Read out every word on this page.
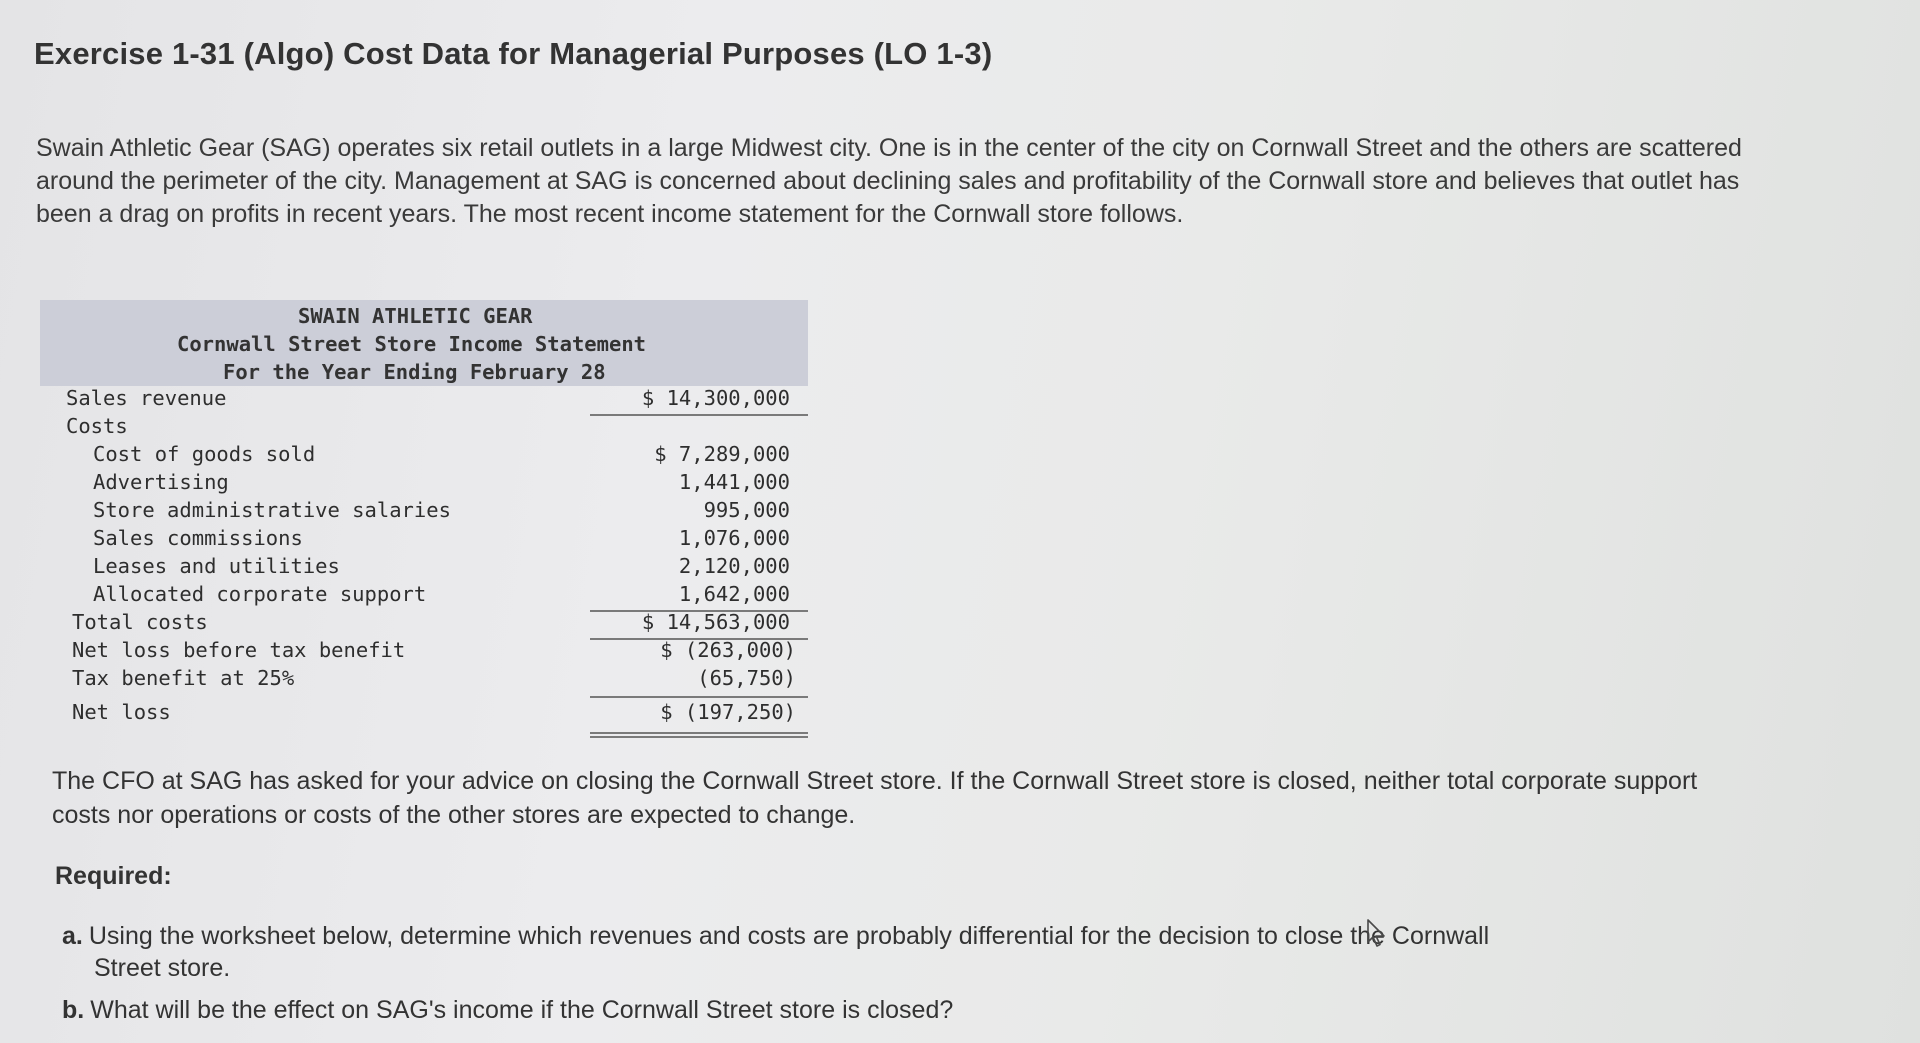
Exercise 1-31 (Algo) Cost Data for Managerial Purposes (LO 1-3)
Swain Athletic Gear (SAG) operates six retail outlets in a large Midwest city. One is in the center of the city on Cornwall Street and the others are scattered around the perimeter of the city. Management at SAG is concerned about declining sales and profitability of the Cornwall store and believes that outlet has been a drag on profits in recent years. The most recent income statement for the Cornwall store follows.
SWAIN ATHLETIC GEAR
Cornwall Street Store Income Statement
For the Year Ending February 28
Sales revenue	$ 14,300,000
Costs
Cost of goods sold	$ 7,289,000
Advertising	1,441,000
Store administrative salaries	995,000
Sales commissions	1,076,000
Leases and utilities	2,120,000
Allocated corporate support	1,642,000
Total costs	$ 14,563,000
Net loss before tax benefit	$ (263,000)
Tax benefit at 25%	(65,750)
Net loss	$ (197,250)
The CFO at SAG has asked for your advice on closing the Cornwall Street store. If the Cornwall Street store is closed, neither total corporate support costs nor operations or costs of the other stores are expected to change.
Required:
a. Using the worksheet below, determine which revenues and costs are probably differential for the decision to close the Cornwall
Street store.
b. What will be the effect on SAG's income if the Cornwall Street store is closed?
